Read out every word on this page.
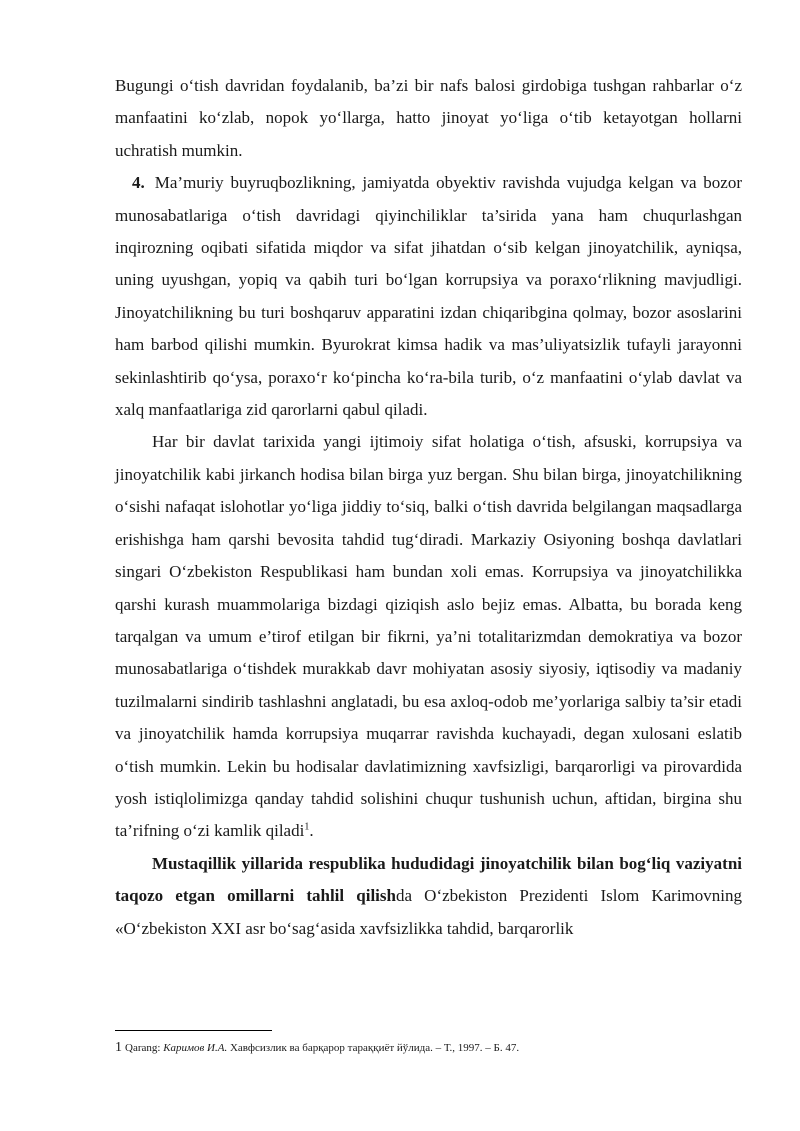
Bugungi o‘tish davridan foydalanib, ba’zi bir nafs balosi girdobiga tushgan rahbarlar o‘z manfaatini ko‘zlab, nopok yo‘llarga, hatto jinoyat yo‘liga o‘tib ketayotgan hollarni uchratish mumkin.

4. Ma’muriy buyruqbozlikning, jamiyatda obyektiv ravishda vujudga kelgan va bozor munosabatlariga o‘tish davridagi qiyinchiliklar ta’sirida yana ham chuqurlashgan inqirozning oqibati sifatida miqdor va sifat jihatdan o‘sib kelgan jinoyatchilik, ayniqsa, uning uyushgan, yopiq va qabih turi bo‘lgan korrupsiya va poraxo‘rlikning mavjudligi. Jinoyatchilikning bu turi boshqaruv apparatini izdan chiqaribgina qolmay, bozor asoslarini ham barbod qilishi mumkin. Byurokrat kimsa hadik va mas’uliyatsizlik tufayli jarayonni sekinlashtirib qo‘ysa, poraxo‘r ko‘pincha ko‘ra-bila turib, o‘z manfaatini o‘ylab davlat va xalq manfaatlariga zid qarorlarni qabul qiladi.

Har bir davlat tarixida yangi ijtimoiy sifat holatiga o‘tish, afsuski, korrupsiya va jinoyatchilik kabi jirkanch hodisa bilan birga yuz bergan. Shu bilan birga, jinoyatchilikning o‘sishi nafaqat islohotlar yo‘liga jiddiy to‘siq, balki o‘tish davrida belgilangan maqsadlarga erishishga ham qarshi bevosita tahdid tug‘diradi. Markaziy Osiyoning boshqa davlatlari singari O‘zbekiston Respublikasi ham bundan xoli emas. Korrupsiya va jinoyatchilikka qarshi kurash muammolariga bizdagi qiziqish aslo bejiz emas. Albatta, bu borada keng tarqalgan va umum e’tirof etilgan bir fikrni, ya’ni totalitarizmdan demokratiya va bozor munosabatlariga o‘tishdek murakkab davr mohiyatan asosiy siyosiy, iqtisodiy va madaniy tuzilmalarni sindirib tashlashni anglatadi, bu esa axloq-odob me’yorlariga salbiy ta’sir etadi va jinoyatchilik hamda korrupsiya muqarrar ravishda kuchayadi, degan xulosani eslatib o‘tish mumkin. Lekin bu hodisalar davlatimizning xavfsizligi, barqarorligi va pirovardida yosh istiqlolimizga qanday tahdid solishini chuqur tushunish uchun, aftidan, birgina shu ta’rifning o‘zi kamlik qiladi$^1$.

Mustaqillik yillarida respublika hududidagi jinoyatchilik bilan bog‘liq vaziyatni taqozo etgan omillarni tahlil qilishda O‘zbekiston Prezidenti Islom Karimovning «O‘zbekiston XXI asr bo‘sag‘asida xavfsizlikka tahdid, barqarorlik

1 Qarang: Каримов И.А. Хавфсизлик ва барқарор тараққиёт йўлида. – Т., 1997. – Б. 47.
